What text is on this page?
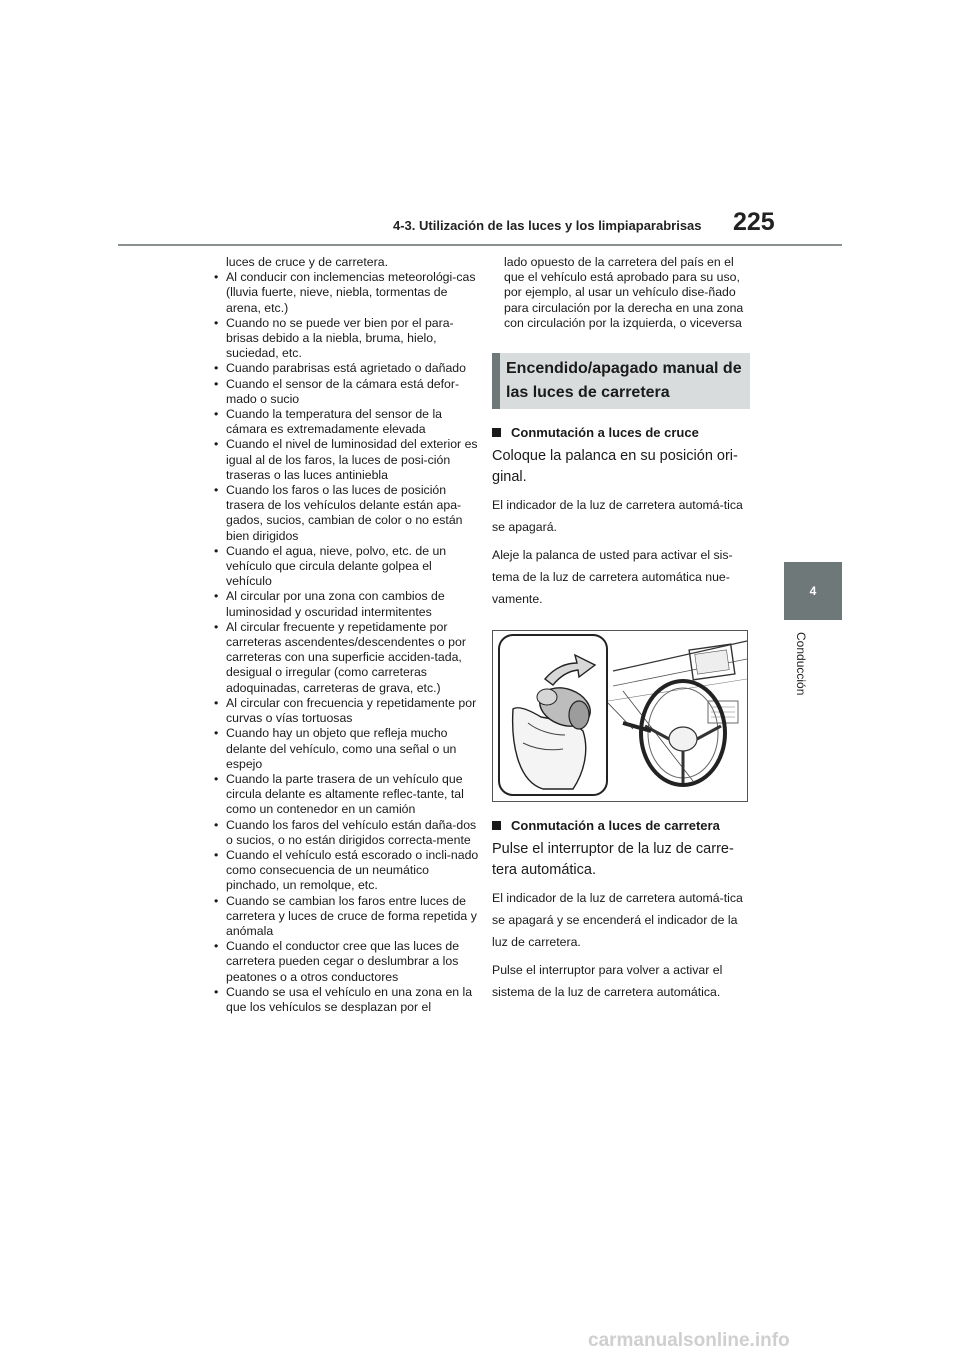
4-3. Utilización de las luces y los limpiaparabrisas 225
4
Conducción
luces de cruce y de carretera.
• Al conducir con inclemencias meteorológi-cas (lluvia fuerte, nieve, niebla, tormentas de arena, etc.)
• Cuando no se puede ver bien por el para-brisas debido a la niebla, bruma, hielo, suciedad, etc.
• Cuando parabrisas está agrietado o dañado
• Cuando el sensor de la cámara está defor-mado o sucio
• Cuando la temperatura del sensor de la cámara es extremadamente elevada
• Cuando el nivel de luminosidad del exterior es igual al de los faros, la luces de posi-ción traseras o las luces antiniebla
• Cuando los faros o las luces de posición trasera de los vehículos delante están apa-gados, sucios, cambian de color o no están bien dirigidos
• Cuando el agua, nieve, polvo, etc. de un vehículo que circula delante golpea el vehículo
• Al circular por una zona con cambios de luminosidad y oscuridad intermitentes
• Al circular frecuente y repetidamente por carreteras ascendentes/descendentes o por carreteras con una superficie acciden-tada, desigual o irregular (como carreteras adoquinadas, carreteras de grava, etc.)
• Al circular con frecuencia y repetidamente por curvas o vías tortuosas
• Cuando hay un objeto que refleja mucho delante del vehículo, como una señal o un espejo
• Cuando la parte trasera de un vehículo que circula delante es altamente reflec-tante, tal como un contenedor en un camión
• Cuando los faros del vehículo están daña-dos o sucios, o no están dirigidos correcta-mente
• Cuando el vehículo está escorado o incli-nado como consecuencia de un neumático pinchado, un remolque, etc.
• Cuando se cambian los faros entre luces de carretera y luces de cruce de forma repetida y anómala
• Cuando el conductor cree que las luces de carretera pueden cegar o deslumbrar a los peatones o a otros conductores
• Cuando se usa el vehículo en una zona en la que los vehículos se desplazan por el
lado opuesto de la carretera del país en el que el vehículo está aprobado para su uso, por ejemplo, al usar un vehículo dise-ñado para circulación por la derecha en una zona con circulación por la izquierda, o viceversa
Encendido/apagado manual de las luces de carretera
Conmutación a luces de cruce
Coloque la palanca en su posición ori-ginal.
El indicador de la luz de carretera automá-tica se apagará.
Aleje la palanca de usted para activar el sis-tema de la luz de carretera automática nue-vamente.
Conmutación a luces de carretera
Pulse el interruptor de la luz de carre-tera automática.
El indicador de la luz de carretera automá-tica se apagará y se encenderá el indicador de la luz de carretera.
Pulse el interruptor para volver a activar el sistema de la luz de carretera automática.
carmanualsonline.info
